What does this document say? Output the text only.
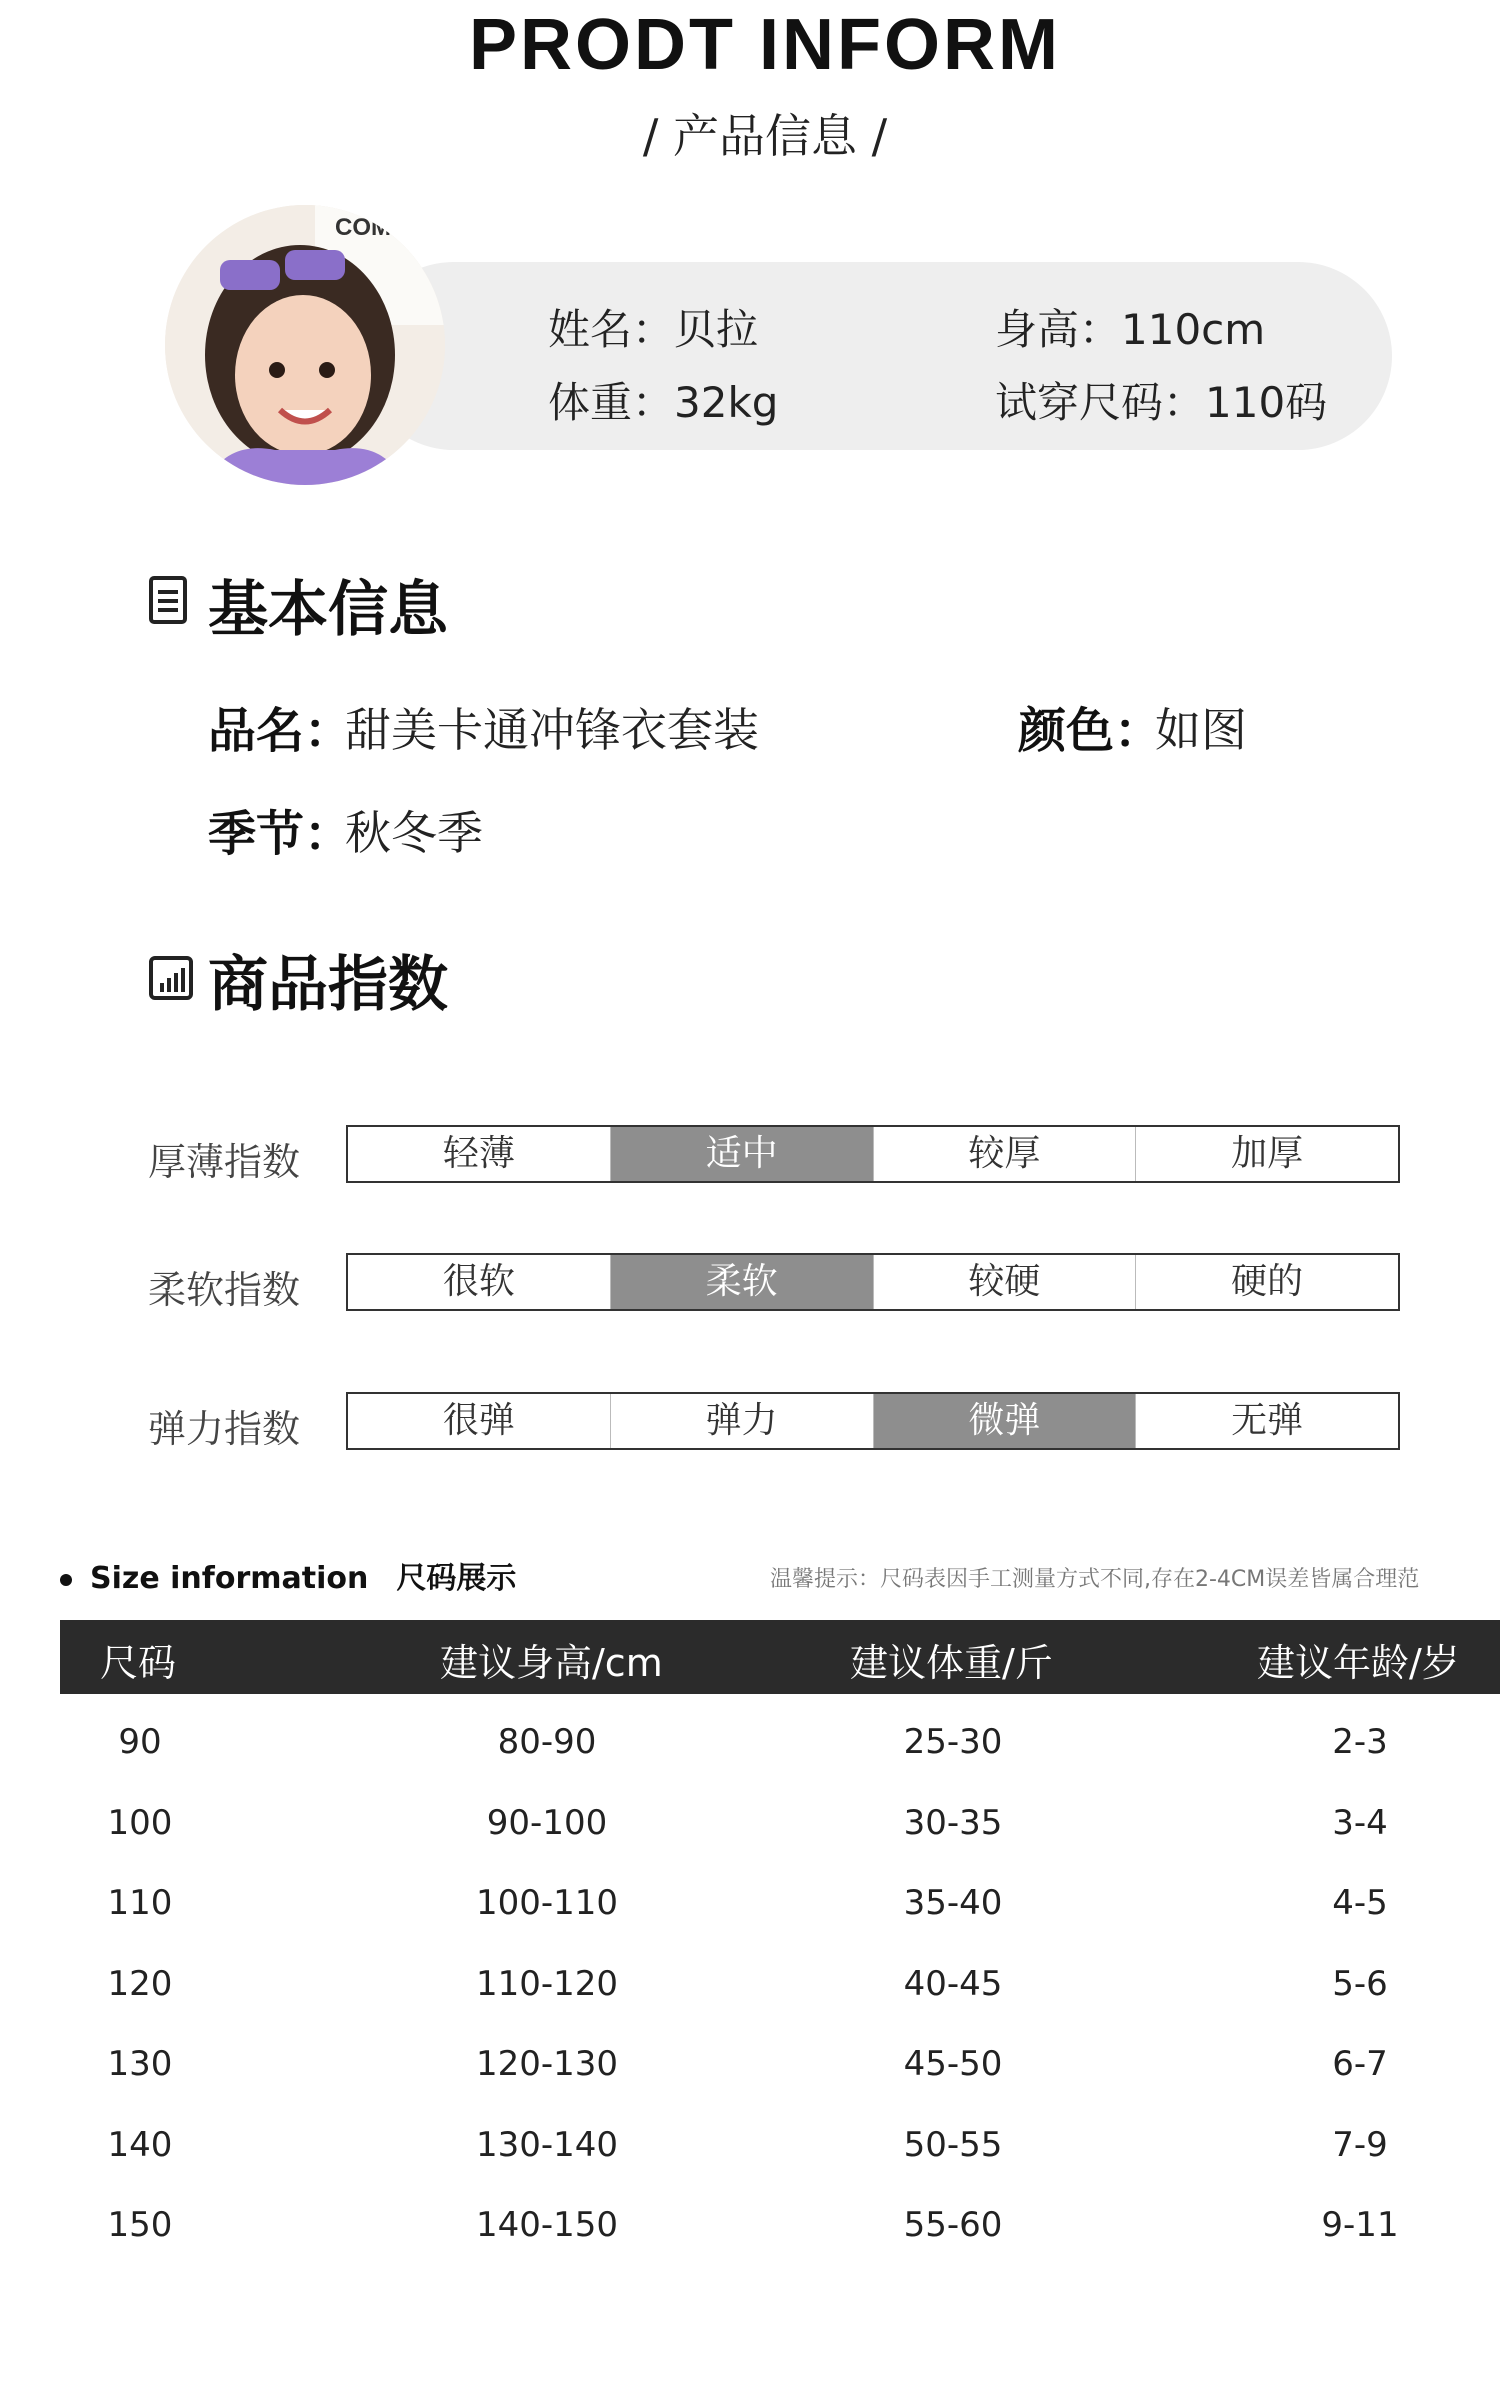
PRODT INFORM
/ 产品信息 /
COM
姓名：贝拉	身高：110cm
体重：32kg	试穿尺码：110码
基本信息
品名：
甜美卡通冲锋衣套装	颜色：
如图
季节：
秋冬季
商品指数
厚薄指数	轻薄	适中	较厚	加厚
柔软指数	很软	柔软	较硬	硬的
弹力指数	很弹	弹力	微弹	无弹
Size information 尺码展示	温馨提示：尺码表因手工测量方式不同,存在2-4CM误差皆属合理范
尺码	建议身高/cm	建议体重/斤	建议年龄/岁
90	80-90	25-30	2-3
100	90-100	30-35	3-4
110	100-110	35-40	4-5
120	110-120	40-45	5-6
130	120-130	45-50	6-7
140	130-140	50-55	7-9
150	140-150	55-60	9-11
